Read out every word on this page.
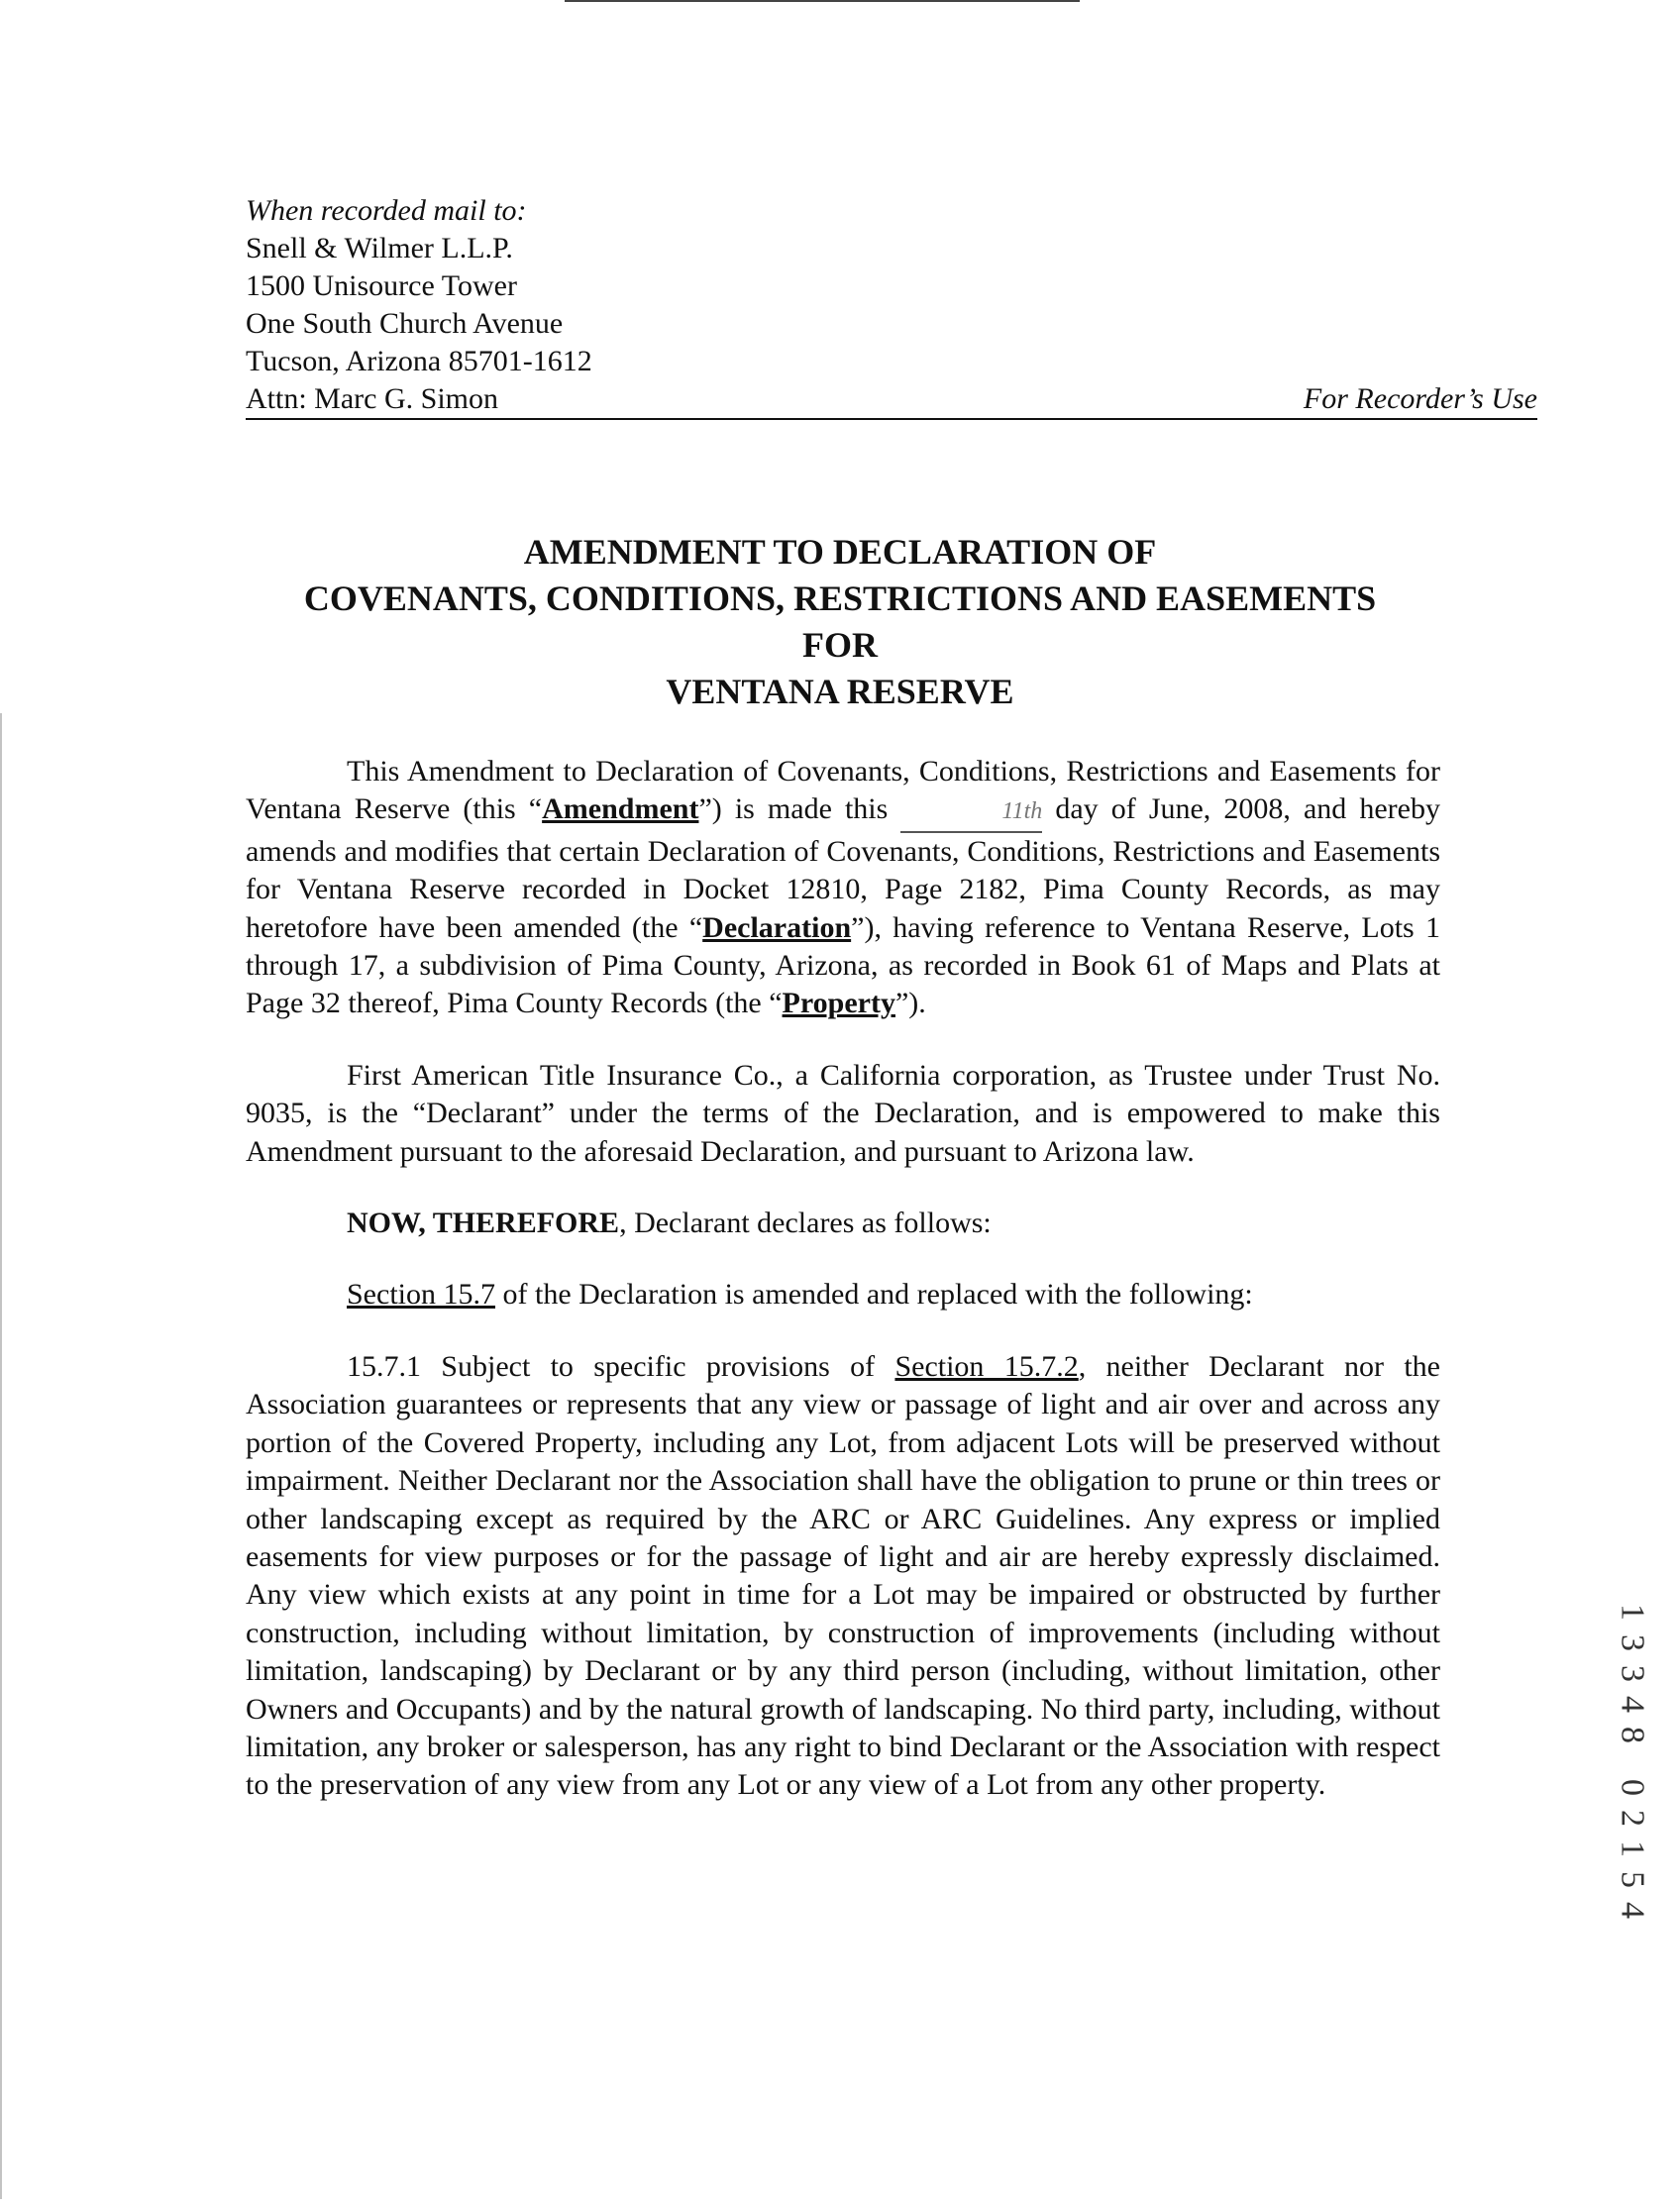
When recorded mail to:
Snell & Wilmer L.L.P.
1500 Unisource Tower
One South Church Avenue
Tucson, Arizona 85701-1612
Attn: Marc G. Simon	For Recorder’s Use
AMENDMENT TO DECLARATION OF
COVENANTS, CONDITIONS, RESTRICTIONS AND EASEMENTS
FOR
VENTANA RESERVE

This Amendment to Declaration of Covenants, Conditions, Restrictions and Easements for Ventana Reserve (this “Amendment”) is made this	11th day of June, 2008, and hereby amends and modifies that certain Declaration of Covenants, Conditions, Restrictions and Easements for Ventana Reserve recorded in Docket 12810, Page 2182, Pima County Records, as may heretofore have been amended (the “Declaration”), having reference to Ventana Reserve, Lots 1 through 17, a subdivision of Pima County, Arizona, as recorded in Book 61 of Maps and Plats at Page 32 thereof, Pima County Records (the “Property”).

First American Title Insurance Co., a California corporation, as Trustee under Trust No. 9035, is the “Declarant” under the terms of the Declaration, and is empowered to make this Amendment pursuant to the aforesaid Declaration, and pursuant to Arizona law.

NOW, THEREFORE, Declarant declares as follows:

Section 15.7 of the Declaration is amended and replaced with the following:

15.7.1 Subject to specific provisions of Section 15.7.2, neither Declarant nor the Association guarantees or represents that any view or passage of light and air over and across any portion of the Covered Property, including any Lot, from adjacent Lots will be preserved without impairment. Neither Declarant nor the Association shall have the obligation to prune or thin trees or other landscaping except as required by the ARC or ARC Guidelines. Any express or implied easements for view purposes or for the passage of light and air are hereby expressly disclaimed. Any view which exists at any point in time for a Lot may be impaired or obstructed by further construction, including without limitation, by construction of improvements (including without limitation, landscaping) by Declarant or by any third person (including, without limitation, other Owners and Occupants) and by the natural growth of landscaping. No third party, including, without limitation, any broker or salesperson, has any right to bind Declarant or the Association with respect to the preservation of any view from any Lot or any view of a Lot from any other property.

1
3
3
4
8
0
2
1
5
4
